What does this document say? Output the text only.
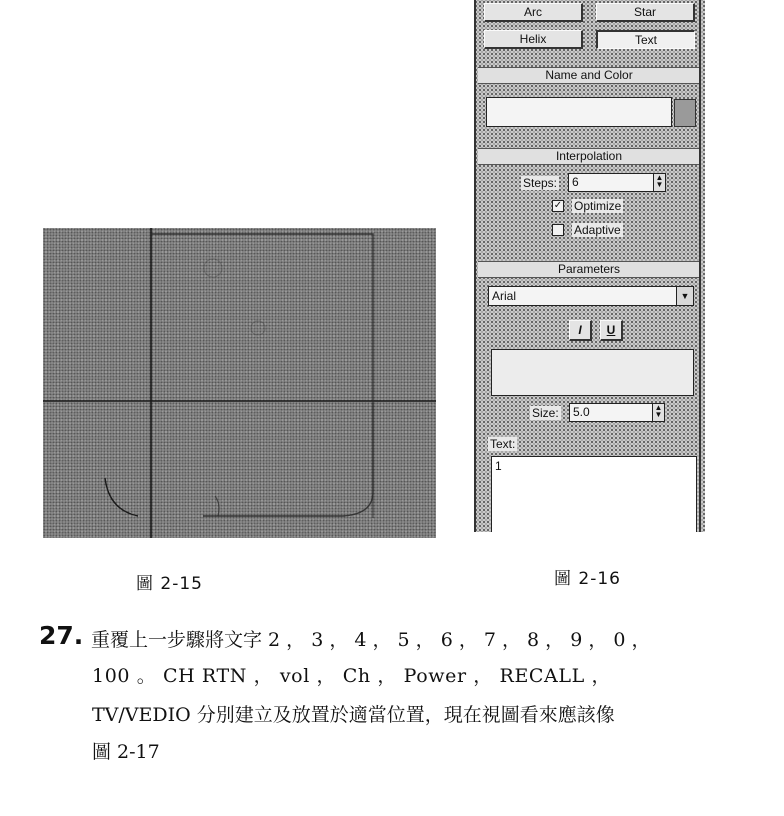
圖 2-15
Arc	Star
Helix	Text
Name and Color
Interpolation
Steps: 6	▲
▼
✓ Optimize
Adaptive
Parameters
Arial	▼
I	U
Size: 5.0	▲
▼
Text:
1
圖 2-16
27. 重覆上一步驟將文字 2 ， 3 ， 4 ， 5 ， 6 ， 7 ， 8 ， 9 ， 0 ，
100 。 CH RTN ， vol ， Ch ， Power ， RECALL ，
TV/VEDIO 分別建立及放置於適當位置，現在視圖看來應該像
圖 2-17
